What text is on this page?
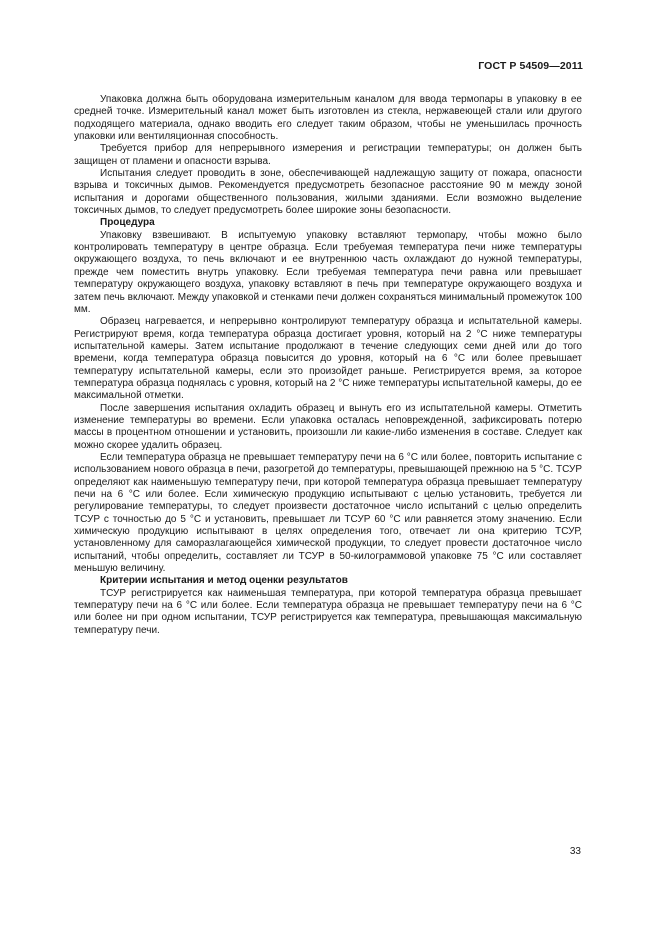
ГОСТ Р 54509—2011

Упаковка должна быть оборудована измерительным каналом для ввода термопары в упаковку в ее средней точке. Измерительный канал может быть изготовлен из стекла, нержавеющей стали или другого подходящего материала, однако вводить его следует таким образом, чтобы не уменьшилась прочность упаковки или вентиляционная способность.

Требуется прибор для непрерывного измерения и регистрации температуры; он должен быть защищен от пламени и опасности взрыва.

Испытания следует проводить в зоне, обеспечивающей надлежащую защиту от пожара, опасности взрыва и токсичных дымов. Рекомендуется предусмотреть безопасное расстояние 90 м между зоной испытания и дорогами общественного пользования, жилыми зданиями. Если возможно выделение токсичных дымов, то следует предусмотреть более широкие зоны безопасности.

Процедура

Упаковку взвешивают. В испытуемую упаковку вставляют термопару, чтобы можно было контролировать температуру в центре образца. Если требуемая температура печи ниже температуры окружающего воздуха, то печь включают и ее внутреннюю часть охлаждают до нужной температуры, прежде чем поместить внутрь упаковку. Если требуемая температура печи равна или превышает температуру окружающего воздуха, упаковку вставляют в печь при температуре окружающего воздуха и затем печь включают. Между упаковкой и стенками печи должен сохраняться минимальный промежуток 100 мм.

Образец нагревается, и непрерывно контролируют температуру образца и испытательной камеры. Регистрируют время, когда температура образца достигает уровня, который на 2 °С ниже температуры испытательной камеры. Затем испытание продолжают в течение следующих семи дней или до того времени, когда температура образца повысится до уровня, который на 6 °С или более превышает температуру испытательной камеры, если это произойдет раньше. Регистрируется время, за которое температура образца поднялась с уровня, который на 2 °С ниже температуры испытательной камеры, до ее максимальной отметки.

После завершения испытания охладить образец и вынуть его из испытательной камеры. Отметить изменение температуры во времени. Если упаковка осталась неповрежденной, зафиксировать потерю массы в процентном отношении и установить, произошли ли какие-либо изменения в составе. Следует как можно скорее удалить образец.

Если температура образца не превышает температуру печи на 6 °С или более, повторить испытание с использованием нового образца в печи, разогретой до температуры, превышающей прежнюю на 5 °С. ТСУР определяют как наименьшую температуру печи, при которой температура образца превышает температуру печи на 6 °С или более. Если химическую продукцию испытывают с целью установить, требуется ли регулирование температуры, то следует произвести достаточное число испытаний с целью определить ТСУР с точностью до 5 °С и установить, превышает ли ТСУР 60 °С или равняется этому значению. Если химическую продукцию испытывают в целях определения того, отвечает ли она критерию ТСУР, установленному для саморазлагающейся химической продукции, то следует провести достаточное число испытаний, чтобы определить, составляет ли ТСУР в 50-килограммовой упаковке 75 °С или составляет меньшую величину.

Критерии испытания и метод оценки результатов

ТСУР регистрируется как наименьшая температура, при которой температура образца превышает температуру печи на 6 °С или более. Если температура образца не превышает температуру печи на 6 °С или более ни при одном испытании, ТСУР регистрируется как температура, превышающая максимальную температуру печи.

33
